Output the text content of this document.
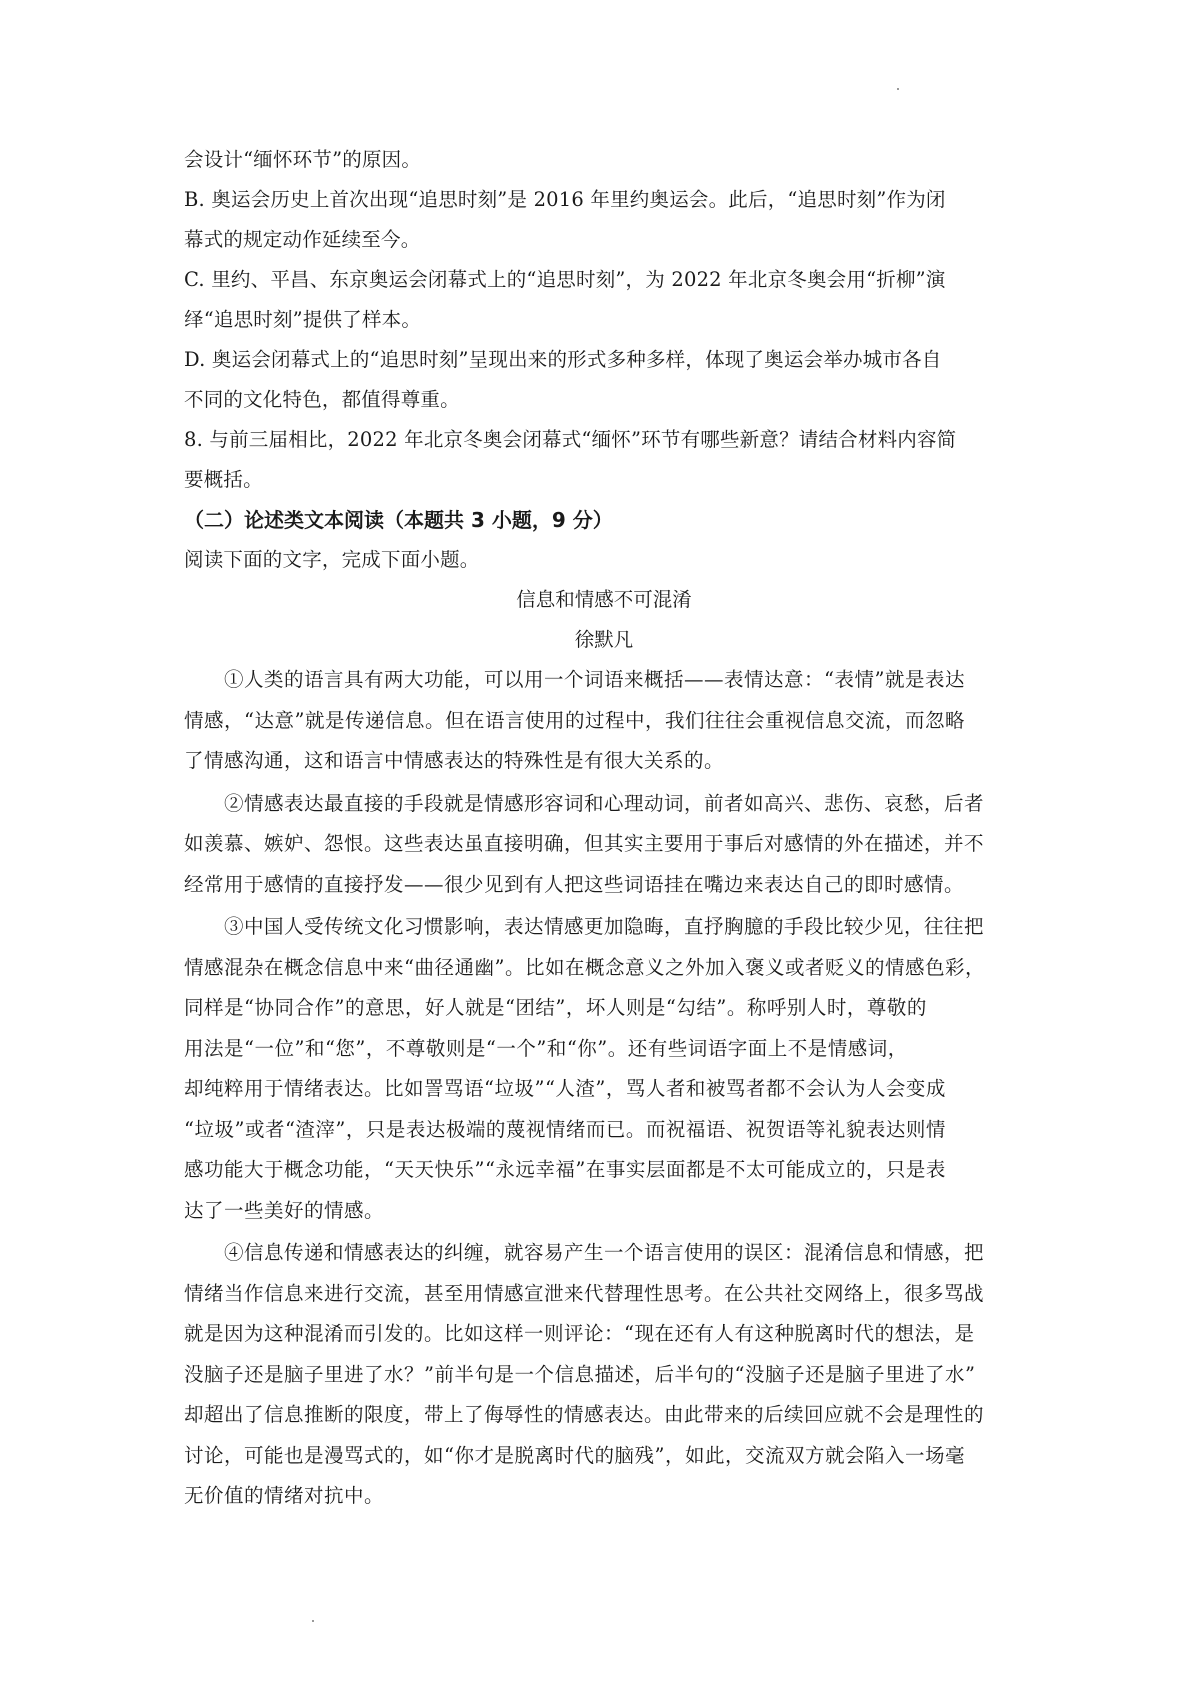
会设计“缅怀环节”的原因。
B. 奥运会历史上首次出现“追思时刻”是 2016 年里约奥运会。此后，“追思时刻”作为闭
幕式的规定动作延续至今。
C. 里约、平昌、东京奥运会闭幕式上的“追思时刻”，为 2022 年北京冬奥会用“折柳”演
绎“追思时刻”提供了样本。
D. 奥运会闭幕式上的“追思时刻”呈现出来的形式多种多样，体现了奥运会举办城市各自
不同的文化特色，都值得尊重。
8. 与前三届相比，2022 年北京冬奥会闭幕式“缅怀”环节有哪些新意？请结合材料内容简
要概括。
（二）论述类文本阅读（本题共 3 小题，9 分）
阅读下面的文字，完成下面小题。
信息和情感不可混淆
徐默凡
①人类的语言具有两大功能，可以用一个词语来概括——表情达意：“表情”就是表达
情感，“达意”就是传递信息。但在语言使用的过程中，我们往往会重视信息交流，而忽略
了情感沟通，这和语言中情感表达的特殊性是有很大关系的。
②情感表达最直接的手段就是情感形容词和心理动词，前者如高兴、悲伤、哀愁，后者
如羡慕、嫉妒、怨恨。这些表达虽直接明确，但其实主要用于事后对感情的外在描述，并不
经常用于感情的直接抒发——很少见到有人把这些词语挂在嘴边来表达自己的即时感情。
③中国人受传统文化习惯影响，表达情感更加隐晦，直抒胸臆的手段比较少见，往往把
情感混杂在概念信息中来“曲径通幽”。比如在概念意义之外加入褒义或者贬义的情感色彩，
同样是“协同合作”的意思，好人就是“团结”，坏人则是“勾结”。称呼别人时，尊敬的
用法是“一位”和“您”，不尊敬则是“一个”和“你”。还有些词语字面上不是情感词，
却纯粹用于情绪表达。比如詈骂语“垃圾”“人渣”，骂人者和被骂者都不会认为人会变成
“垃圾”或者“渣滓”，只是表达极端的蔑视情绪而已。而祝福语、祝贺语等礼貌表达则情
感功能大于概念功能，“天天快乐”“永远幸福”在事实层面都是不太可能成立的，只是表
达了一些美好的情感。
④信息传递和情感表达的纠缠，就容易产生一个语言使用的误区：混淆信息和情感，把
情绪当作信息来进行交流，甚至用情感宣泄来代替理性思考。在公共社交网络上，很多骂战
就是因为这种混淆而引发的。比如这样一则评论：“现在还有人有这种脱离时代的想法，是
没脑子还是脑子里进了水？”前半句是一个信息描述，后半句的“没脑子还是脑子里进了水”
却超出了信息推断的限度，带上了侮辱性的情感表达。由此带来的后续回应就不会是理性的
讨论，可能也是漫骂式的，如“你才是脱离时代的脑残”，如此，交流双方就会陷入一场毫
无价值的情绪对抗中。
